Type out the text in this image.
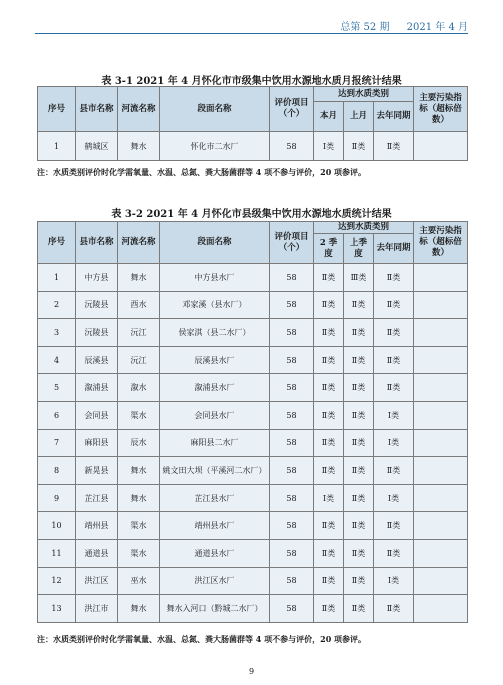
总第 52 期 2021 年 4 月
表 3-1 2021 年 4 月怀化市市级集中饮用水源地水质月报统计结果
序号	县市名称	河流名称	段面名称	评价项目（个）	达到水质类别			主要污染指标（超标倍数）
					本月	上月	去年同期	
1	鹤城区	舞水	怀化市二水厂	58	Ⅰ类	Ⅱ类	Ⅱ类	
注：水质类别评价时化学需氧量、水温、总氮、粪大肠菌群等 4 项不参与评价，20 项参评。
表 3-2 2021 年 4 月怀化市县级集中饮用水源地水质统计结果
序号	县市名称	河流名称	段面名称	评价项目（个）	达到水质类别			主要污染指标（超标倍数）
					2 季度	上季度	去年同期	
1	中方县	舞水	中方县水厂	58	Ⅱ类	Ⅲ类	Ⅱ类	
2	沅陵县	酉水	邓家溪（县水厂）	58	Ⅱ类	Ⅱ类	Ⅱ类	
3	沅陵县	沅江	侯家淇（县二水厂）	58	Ⅱ类	Ⅱ类	Ⅱ类	
4	辰溪县	沅江	辰溪县水厂	58	Ⅱ类	Ⅱ类	Ⅱ类	
5	溆浦县	溆水	溆浦县水厂	58	Ⅱ类	Ⅱ类	Ⅱ类	
6	会同县	渠水	会同县水厂	58	Ⅱ类	Ⅱ类	Ⅰ类	
7	麻阳县	辰水	麻阳县二水厂	58	Ⅱ类	Ⅱ类	Ⅰ类	
8	新晃县	舞水	姚文田大坝（平溪河二水厂）	58	Ⅱ类	Ⅱ类	Ⅱ类	
9	芷江县	舞水	芷江县水厂	58	Ⅰ类	Ⅱ类	Ⅰ类	
10	靖州县	渠水	靖州县水厂	58	Ⅱ类	Ⅱ类	Ⅱ类	
11	通道县	渠水	通道县水厂	58	Ⅱ类	Ⅱ类	Ⅱ类	
12	洪江区	巫水	洪江区水厂	58	Ⅱ类	Ⅱ类	Ⅰ类	
13	洪江市	舞水	舞水入河口（黔城二水厂）	58	Ⅱ类	Ⅱ类	Ⅱ类	
注：水质类别评价时化学需氧量、水温、总氮、粪大肠菌群等 4 项不参与评价，20 项参评。
9
